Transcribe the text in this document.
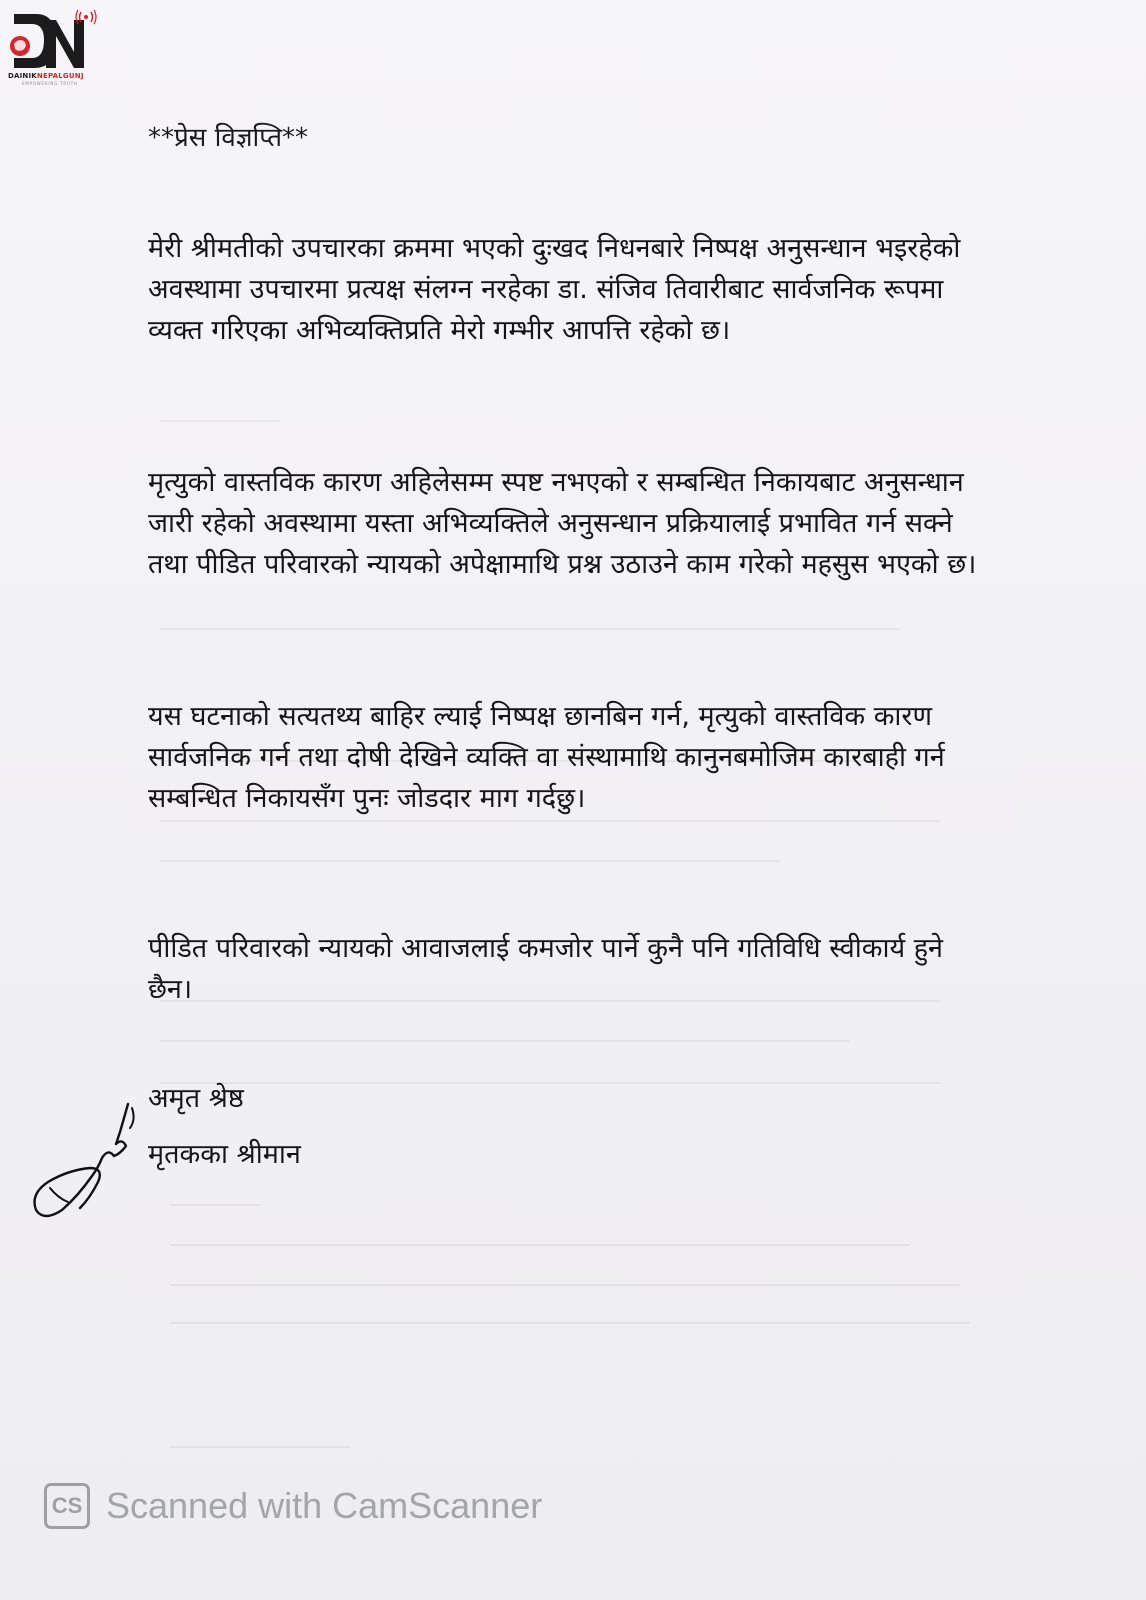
DAINIKNEPALGUNJ
EMPOWERING TRUTH
**प्रेस विज्ञप्ति**
मेरी श्रीमतीको उपचारका क्रममा भएको दुःखद निधनबारे निष्पक्ष अनुसन्धान भइरहेको अवस्थामा उपचारमा प्रत्यक्ष संलग्न नरहेका डा. संजिव तिवारीबाट सार्वजनिक रूपमा व्यक्त गरिएका अभिव्यक्तिप्रति मेरो गम्भीर आपत्ति रहेको छ।
मृत्युको वास्तविक कारण अहिलेसम्म स्पष्ट नभएको र सम्बन्धित निकायबाट अनुसन्धान जारी रहेको अवस्थामा यस्ता अभिव्यक्तिले अनुसन्धान प्रक्रियालाई प्रभावित गर्न सक्ने तथा पीडित परिवारको न्यायको अपेक्षामाथि प्रश्न उठाउने काम गरेको महसुस भएको छ।
यस घटनाको सत्यतथ्य बाहिर ल्याई निष्पक्ष छानबिन गर्न, मृत्युको वास्तविक कारण सार्वजनिक गर्न तथा दोषी देखिने व्यक्ति वा संस्थामाथि कानुनबमोजिम कारबाही गर्न सम्बन्धित निकायसँग पुनः जोडदार माग गर्दछु।
पीडित परिवारको न्यायको आवाजलाई कमजोर पार्ने कुनै पनि गतिविधि स्वीकार्य हुने छैन।
अमृत श्रेष्ठ
मृतकका श्रीमान
CS Scanned with CamScanner
